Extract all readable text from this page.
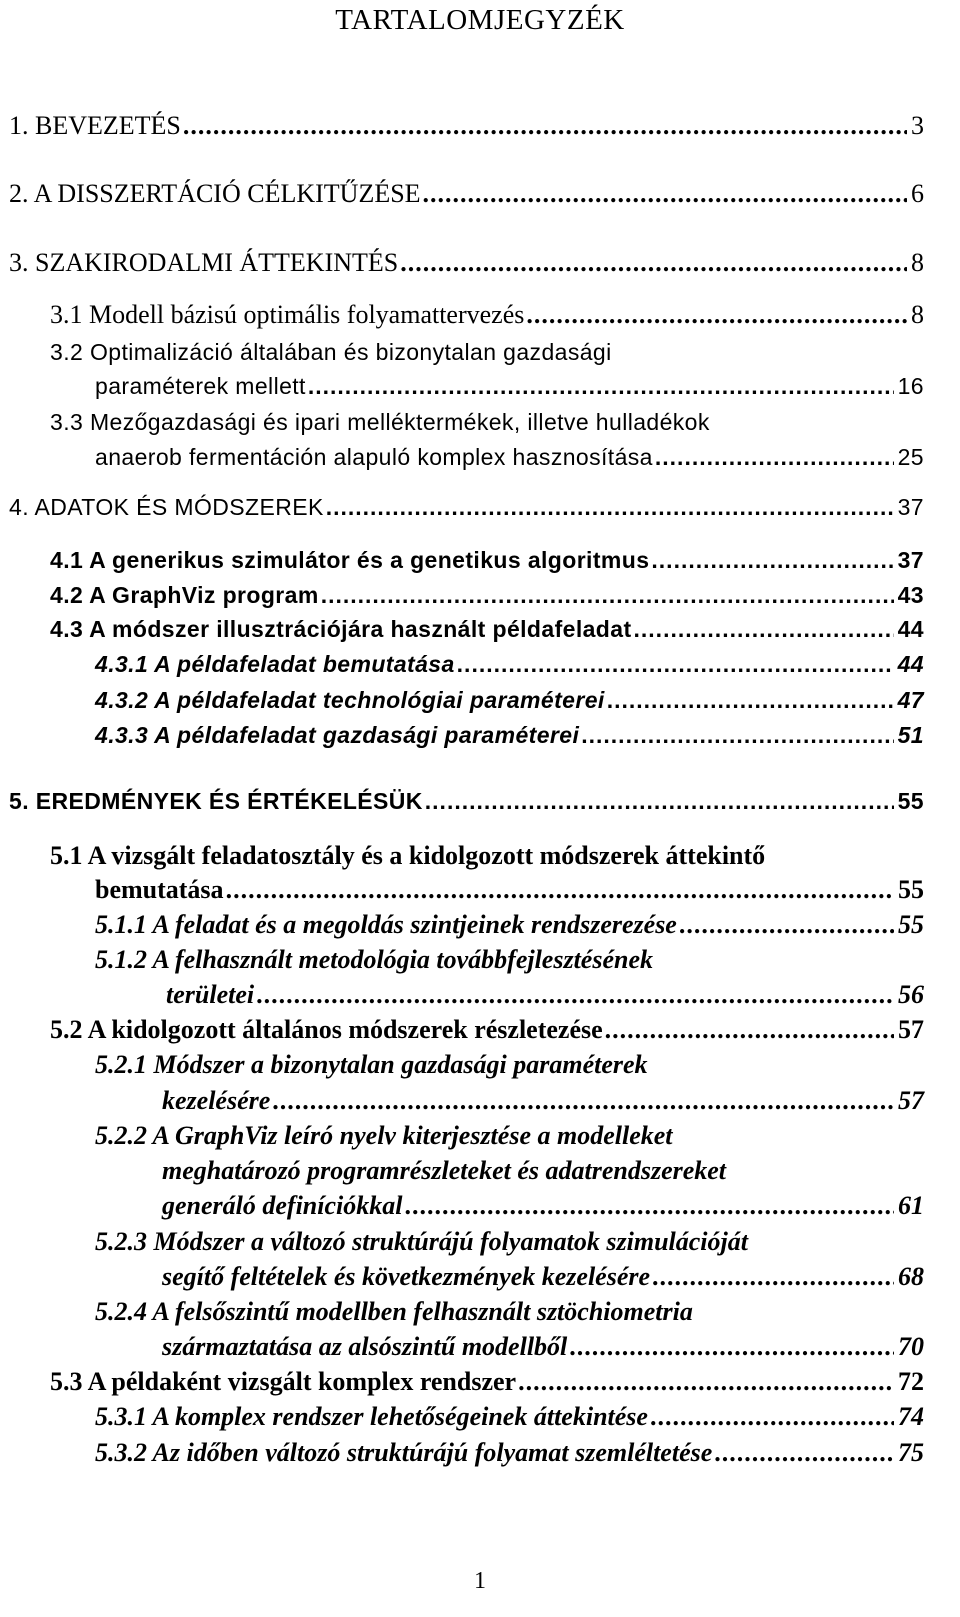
TARTALOMJEGYZÉK
1. BEVEZETÉS .....	3
2. A DISSZERTÁCIÓ CÉLKITŰZÉSE .....	6
3. SZAKIRODALMI ÁTTEKINTÉS .....	8
3.1 Modell bázisú optimális folyamattervezés .....	8
3.2 Optimalizáció általában és bizonytalan gazdasági
paraméterek mellett .....	16
3.3 Mezőgazdasági és ipari melléktermékek, illetve hulladékok
anaerob fermentáción alapuló komplex hasznosítása .....	25
4. ADATOK ÉS MÓDSZEREK .....	37
4.1 A generikus szimulátor és a genetikus algoritmus .....	37
4.2 A GraphViz program .....	43
4.3 A módszer illusztrációjára használt példafeladat .....	44
4.3.1 A példafeladat bemutatása .....	44
4.3.2 A példafeladat technológiai paraméterei .....	47
4.3.3 A példafeladat gazdasági paraméterei .....	51
5. EREDMÉNYEK ÉS ÉRTÉKELÉSÜK .....	55
5.1 A vizsgált feladatosztály és a kidolgozott módszerek áttekintő
bemutatása .....	55
5.1.1 A feladat és a megoldás szintjeinek rendszerezése .....	55
5.1.2 A felhasznált metodológia továbbfejlesztésének
területei .....	56
5.2 A kidolgozott általános módszerek részletezése .....	57
5.2.1 Módszer a bizonytalan gazdasági paraméterek
kezelésére .....	57
5.2.2 A GraphViz leíró nyelv kiterjesztése a modelleket
meghatározó programrészleteket és adatrendszereket
generáló definíciókkal .....	61
5.2.3 Módszer a változó struktúrájú folyamatok szimulációját
segítő feltételek és következmények kezelésére .....	68
5.2.4 A felsőszintű modellben felhasznált sztöchiometria
származtatása az alsószintű modellből .....	70
5.3 A példaként vizsgált komplex rendszer .....	72
5.3.1 A komplex rendszer lehetőségeinek áttekintése .....	74
5.3.2 Az időben változó struktúrájú folyamat szemléltetése .....	75
1
